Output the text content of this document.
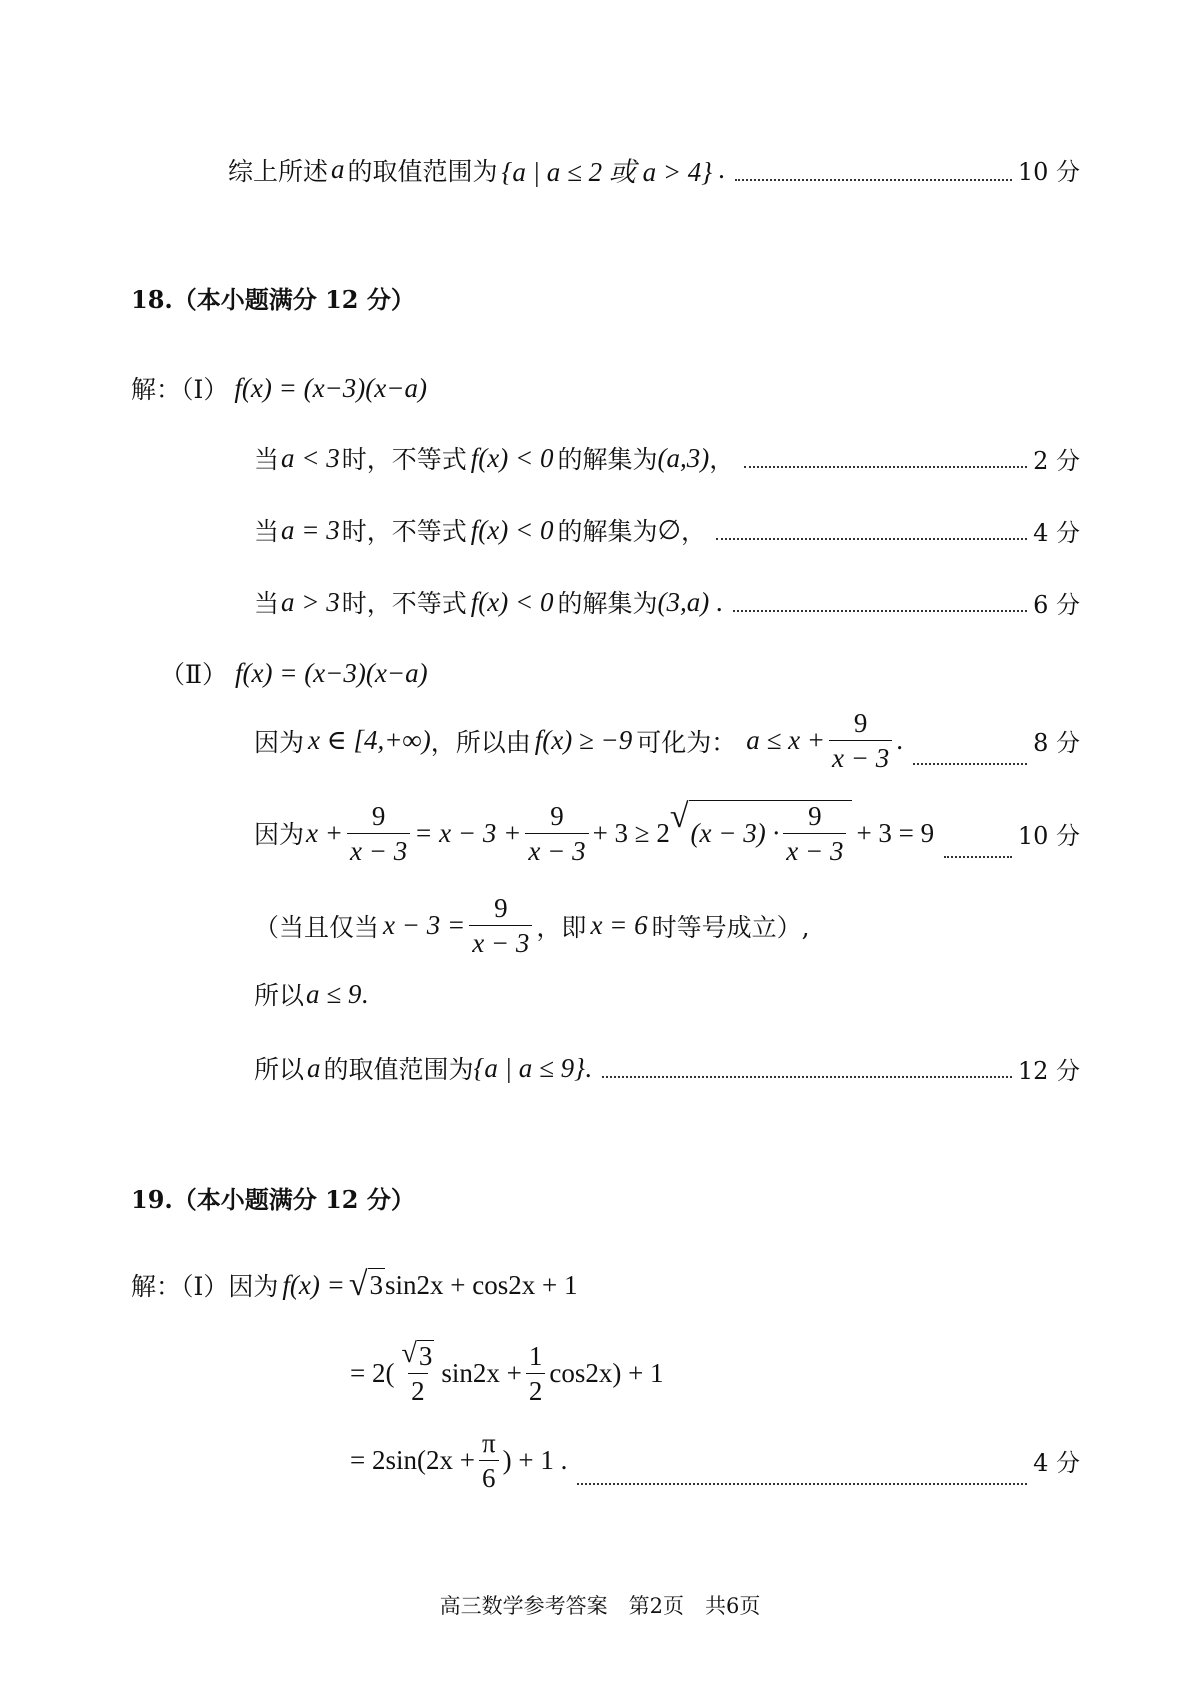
综上所述 a 的取值范围为 {a | a ≤ 2 或 a > 4} .	10 分
18.（本小题满分 12 分）
解：（Ⅰ） f(x) = (x−3)(x−a)
当 a < 3 时，不等式 f(x) < 0 的解集为 (a,3) ，	2 分
当 a = 3 时，不等式 f(x) < 0 的解集为 ∅ ，	4 分
当 a > 3 时，不等式 f(x) < 0 的解集为 (3,a) .	6 分
（Ⅱ） f(x) = (x−3)(x−a)
因为 x ∈ [4,+∞) ，所以由 f(x) ≥ −9 可化为： $a \le x + \frac{9}{x - 3}$ .	8 分
因为 $x + \frac{9}{x - 3} = x - 3 + \frac{9}{x - 3} + 3 \ge 2$ √ $(x - 3) \cdot \frac{9}{x - 3} + 3 = 9$	10 分
（当且仅当 $x - 3 = \frac{9}{x - 3}$ ，即 x = 6 时等号成立）,
所以 a ≤ 9 .
所以 a 的取值范围为 {a | a ≤ 9} .	12 分
19.（本小题满分 12 分）
解：（Ⅰ）因为 f(x) = √ 3 sin2x + cos2x + 1
= $2( \frac{√ 3}{2} \sin 2x + \frac{1}{2} \cos 2x) + 1$
= $2\sin(2x + \frac{\pi}{6}$ ) + 1 .	4 分
高三数学参考答案　第2页　共6页
